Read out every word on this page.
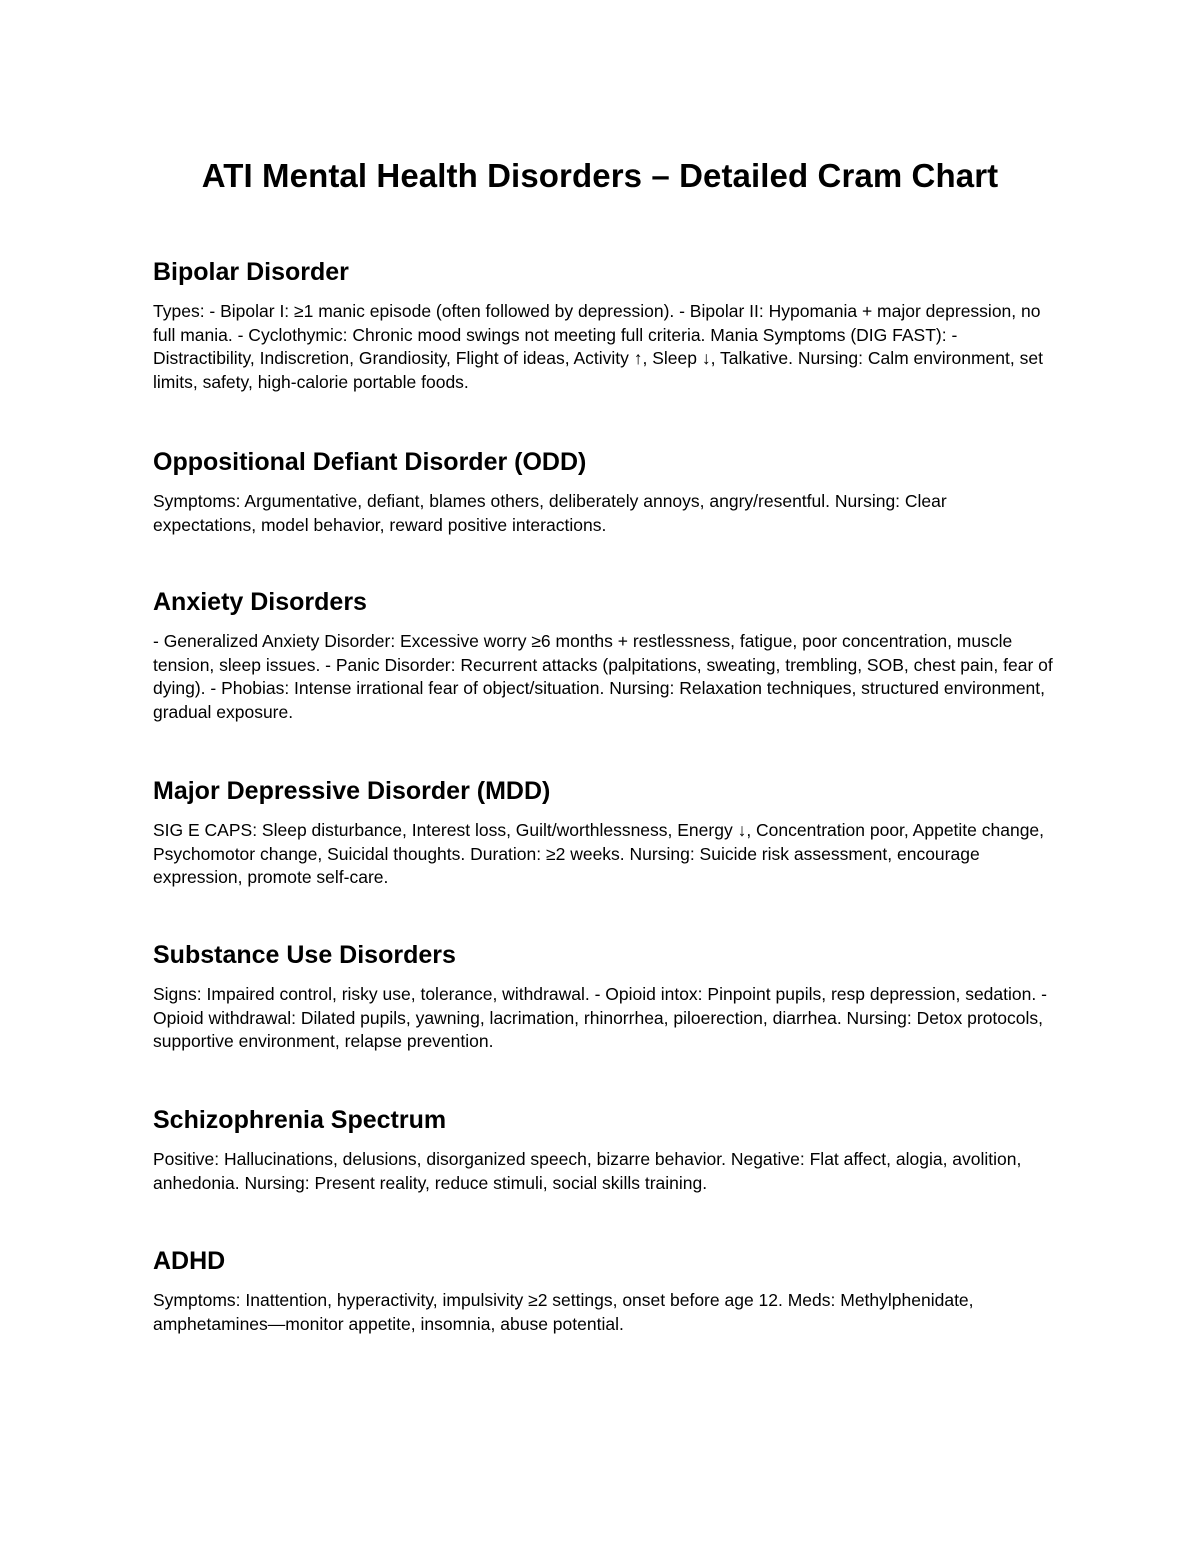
ATI Mental Health Disorders – Detailed Cram Chart
Bipolar Disorder

Types: - Bipolar I: ≥1 manic episode (often followed by depression). - Bipolar II: Hypomania + major depression, no full mania. - Cyclothymic: Chronic mood swings not meeting full criteria. Mania Symptoms (DIG FAST): - Distractibility, Indiscretion, Grandiosity, Flight of ideas, Activity ↑, Sleep ↓, Talkative. Nursing: Calm environment, set limits, safety, high-calorie portable foods.

Oppositional Defiant Disorder (ODD)

Symptoms: Argumentative, defiant, blames others, deliberately annoys, angry/resentful. Nursing: Clear expectations, model behavior, reward positive interactions.

Anxiety Disorders

- Generalized Anxiety Disorder: Excessive worry ≥6 months + restlessness, fatigue, poor concentration, muscle tension, sleep issues. - Panic Disorder: Recurrent attacks (palpitations, sweating, trembling, SOB, chest pain, fear of dying). - Phobias: Intense irrational fear of object/situation. Nursing: Relaxation techniques, structured environment, gradual exposure.

Major Depressive Disorder (MDD)

SIG E CAPS: Sleep disturbance, Interest loss, Guilt/worthlessness, Energy ↓, Concentration poor, Appetite change, Psychomotor change, Suicidal thoughts. Duration: ≥2 weeks. Nursing: Suicide risk assessment, encourage expression, promote self-care.

Substance Use Disorders

Signs: Impaired control, risky use, tolerance, withdrawal. - Opioid intox: Pinpoint pupils, resp depression, sedation. - Opioid withdrawal: Dilated pupils, yawning, lacrimation, rhinorrhea, piloerection, diarrhea. Nursing: Detox protocols, supportive environment, relapse prevention.

Schizophrenia Spectrum

Positive: Hallucinations, delusions, disorganized speech, bizarre behavior. Negative: Flat affect, alogia, avolition, anhedonia. Nursing: Present reality, reduce stimuli, social skills training.

ADHD

Symptoms: Inattention, hyperactivity, impulsivity ≥2 settings, onset before age 12. Meds: Methylphenidate, amphetamines—monitor appetite, insomnia, abuse potential.
